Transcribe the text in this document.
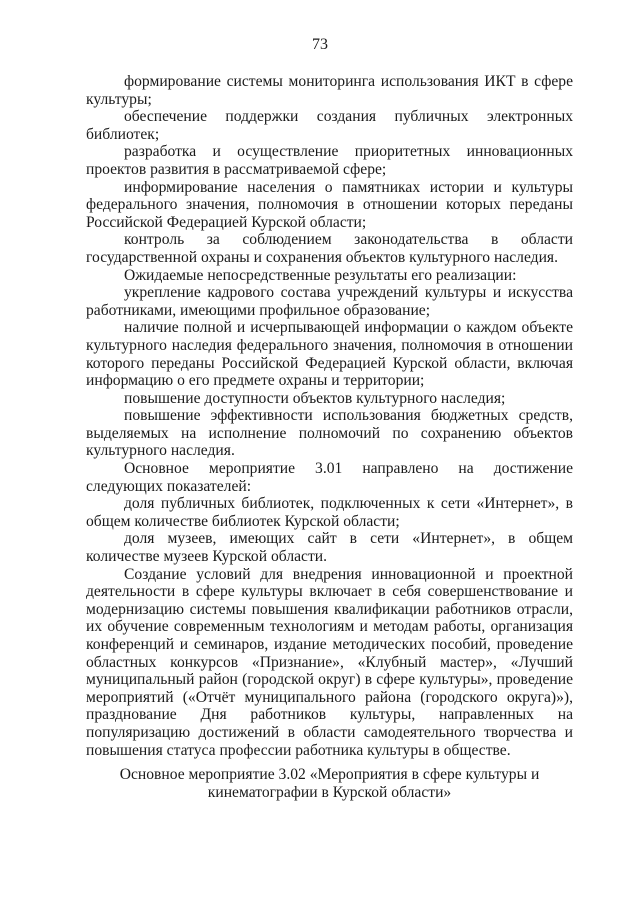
73

формирование системы мониторинга использования ИКТ в сфере культуры;

обеспечение поддержки создания публичных электронных библиотек;

разработка и осуществление приоритетных инновационных проектов развития в рассматриваемой сфере;

информирование населения о памятниках истории и культуры федерального значения, полномочия в отношении которых переданы Российской Федерацией Курской области;

контроль за соблюдением законодательства в области государственной охраны и сохранения объектов культурного наследия.

Ожидаемые непосредственные результаты его реализации:

укрепление кадрового состава учреждений культуры и искусства работниками, имеющими профильное образование;

наличие полной и исчерпывающей информации о каждом объекте культурного наследия федерального значения, полномочия в отношении которого переданы Российской Федерацией Курской области, включая информацию о его предмете охраны и территории;

повышение доступности объектов культурного наследия;

повышение эффективности использования бюджетных средств, выделяемых на исполнение полномочий по сохранению объектов культурного наследия.

Основное мероприятие 3.01 направлено на достижение следующих показателей:

доля публичных библиотек, подключенных к сети «Интернет», в общем количестве библиотек Курской области;

доля музеев, имеющих сайт в сети «Интернет», в общем количестве музеев Курской области.

Создание условий для внедрения инновационной и проектной деятельности в сфере культуры включает в себя совершенствование и модернизацию системы повышения квалификации работников отрасли, их обучение современным технологиям и методам работы, организация конференций и семинаров, издание методических пособий, проведение областных конкурсов «Признание», «Клубный мастер», «Лучший муниципальный район (городской округ) в сфере культуры», проведение мероприятий («Отчёт муниципального района (городского округа)»), празднование Дня работников культуры, направленных на популяризацию достижений в области самодеятельного творчества и повышения статуса профессии работника культуры в обществе.

Основное мероприятие 3.02 «Мероприятия в сфере культуры и кинематографии в Курской области»
